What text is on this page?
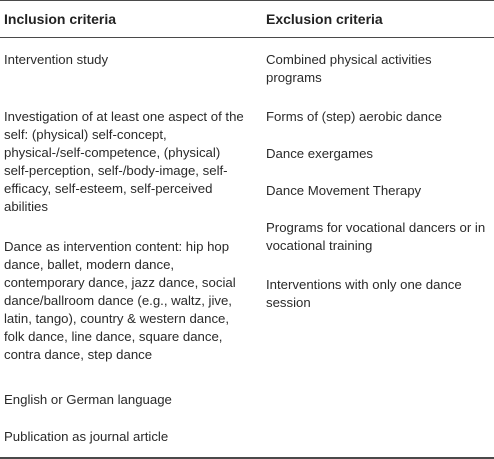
Inclusion criteria	Exclusion criteria

Intervention study

Investigation of at least one aspect of the self: (physical) self-concept, physical-/self-competence, (physical) self-perception, self-/body-image, self-efficacy, self-esteem, self-perceived abilities

Dance as intervention content: hip hop dance, ballet, modern dance, contemporary dance, jazz dance, social dance/ballroom dance (e.g., waltz, jive, latin, tango), country & western dance, folk dance, line dance, square dance, contra dance, step dance

English or German language

Publication as journal article

Combined physical activities programs

Forms of (step) aerobic dance

Dance exergames

Dance Movement Therapy

Programs for vocational dancers or in vocational training

Interventions with only one dance session
